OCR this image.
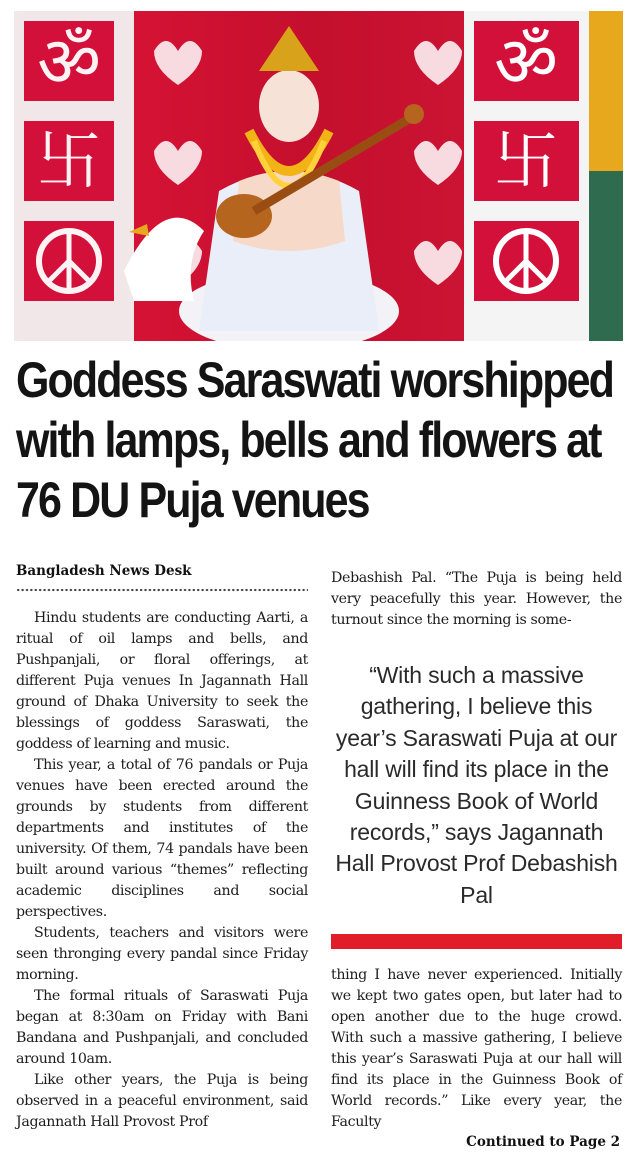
ॐ
卐
ॐ
卐
Goddess Saraswati worshipped
with lamps, bells and flowers at
76 DU Puja venues
Bangladesh News Desk

Hindu students are conducting Aarti, a ritual of oil lamps and bells, and Pushpanjali, or floral offerings, at different Puja venues In Jagannath Hall ground of Dhaka University to seek the blessings of goddess Saraswati, the goddess of learning and music.

This year, a total of 76 pandals or Puja venues have been erected around the grounds by students from different departments and institutes of the university. Of them, 74 pandals have been built around various “themes” reflecting academic disciplines and social perspectives.

Students, teachers and visitors were seen thronging every pandal since Friday morning.

The formal rituals of Saraswati Puja began at 8:30am on Friday with Bani Bandana and Pushpanjali, and concluded around 10am.

Like other years, the Puja is being observed in a peaceful environment, said Jagannath Hall Provost Prof

Debashish Pal. “The Puja is being held very peacefully this year. However, the turnout since the morning is some-

“With such a massive gathering, I believe this year’s Saraswati Puja at our hall will find its place in the Guinness Book of World records,” says Jagannath Hall Provost Prof Debashish Pal

thing I have never experienced. Initially we kept two gates open, but later had to open another due to the huge crowd. With such a massive gathering, I believe this year’s Saraswati Puja at our hall will find its place in the Guinness Book of World records.” Like every year, the Faculty

Continued to Page 2
